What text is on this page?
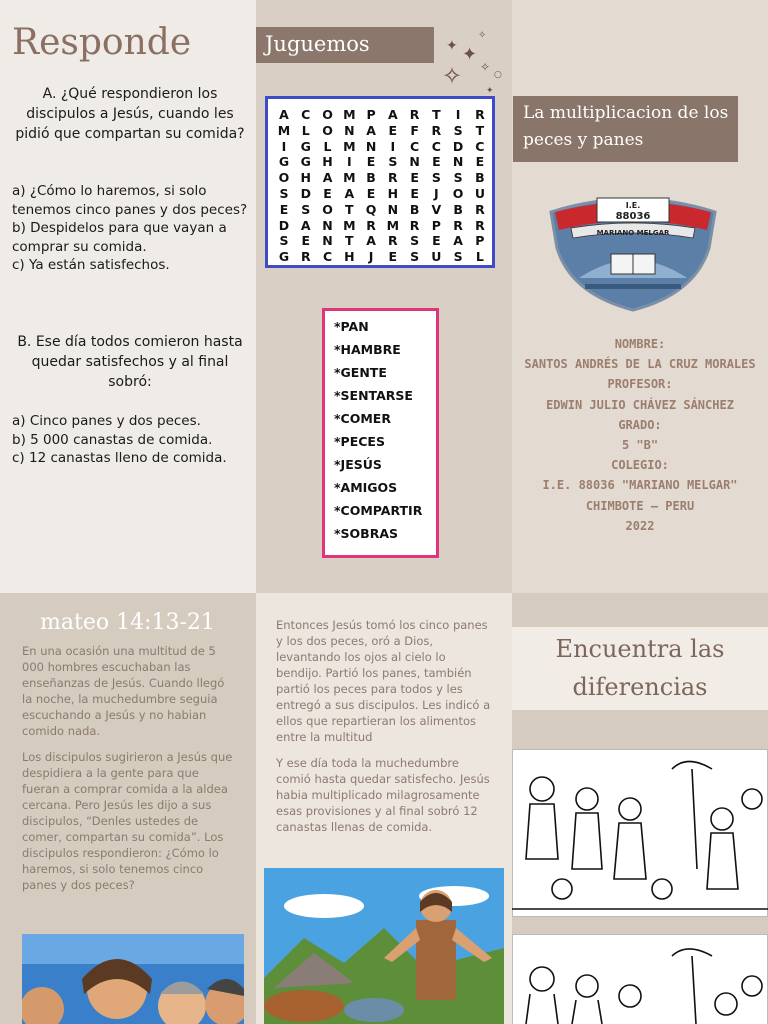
Responde
A. ¿Qué respondieron los discipulos a Jesús, cuando les pidió que compartan su comida?
a) ¿Cómo lo haremos, si solo tenemos cinco panes y dos peces?
b) Despidelos para que vayan a comprar su comida.
c) Ya están satisfechos.
B. Ese día todos comieron hasta quedar satisfechos y al final sobró:
a) Cinco panes y dos peces.
b) 5 000 canastas de comida.
c) 12 canastas lleno de comida.
Juguemos	✦ ✦
✧
✧ ✧
○
✦
A C O M P A R	T	I	R
M L O N A	E	F	R S	T
I	G	L M N	I	C	C D C
G G H	I	E	S N E N E
O H A M B R	E	S	S	B
S D E	A	E H E	J	O U
E	S O T Q N B V B R
D A N M R M R P R R
S	E N T	A R S	E	A P
G R C H	J	E	S U S	L
*PAN
*HAMBRE
*GENTE
*SENTARSE
*COMER
*PECES
*JESÚS
*AMIGOS
*COMPARTIR
*SOBRAS
La multiplicacion de los peces y panes
I.E.
88036
MARIANO MELGAR
NOMBRE:
SANTOS ANDRÉS DE LA CRUZ MORALES
PROFESOR:
EDWIN JULIO CHÁVEZ SÁNCHEZ
GRADO:
5 "B"
COLEGIO:
I.E. 88036 "MARIANO MELGAR"
CHIMBOTE – PERU
2022
mateo 14:13-21
En una ocasión una multitud de 5 000 hombres escuchaban las enseñanzas de Jesús. Cuando llegó la noche, la muchedumbre seguia escuchando a Jesús y no habian comido nada.
Los discipulos sugirieron a Jesús que despidiera a la gente para que fueran a comprar comida a la aldea cercana. Pero Jesús les dijo a sus discipulos, “Denles ustedes de comer, compartan su comida”. Los discipulos respondieron: ¿Cómo lo haremos, si solo tenemos cinco panes y dos peces?
Entonces Jesús tomó los cinco panes y los dos peces, oró a Dios, levantando los ojos al cielo lo bendijo. Partió los panes, también partió los peces para todos y les entregó a sus discipulos. Les indicó a ellos que repartieran los alimentos entre la multitud
Y ese día toda la muchedumbre comió hasta quedar satisfecho. Jesús habia multiplicado milagrosamente esas provisiones y al final sobró 12 canastas llenas de comida.
Encuentra las diferencias
